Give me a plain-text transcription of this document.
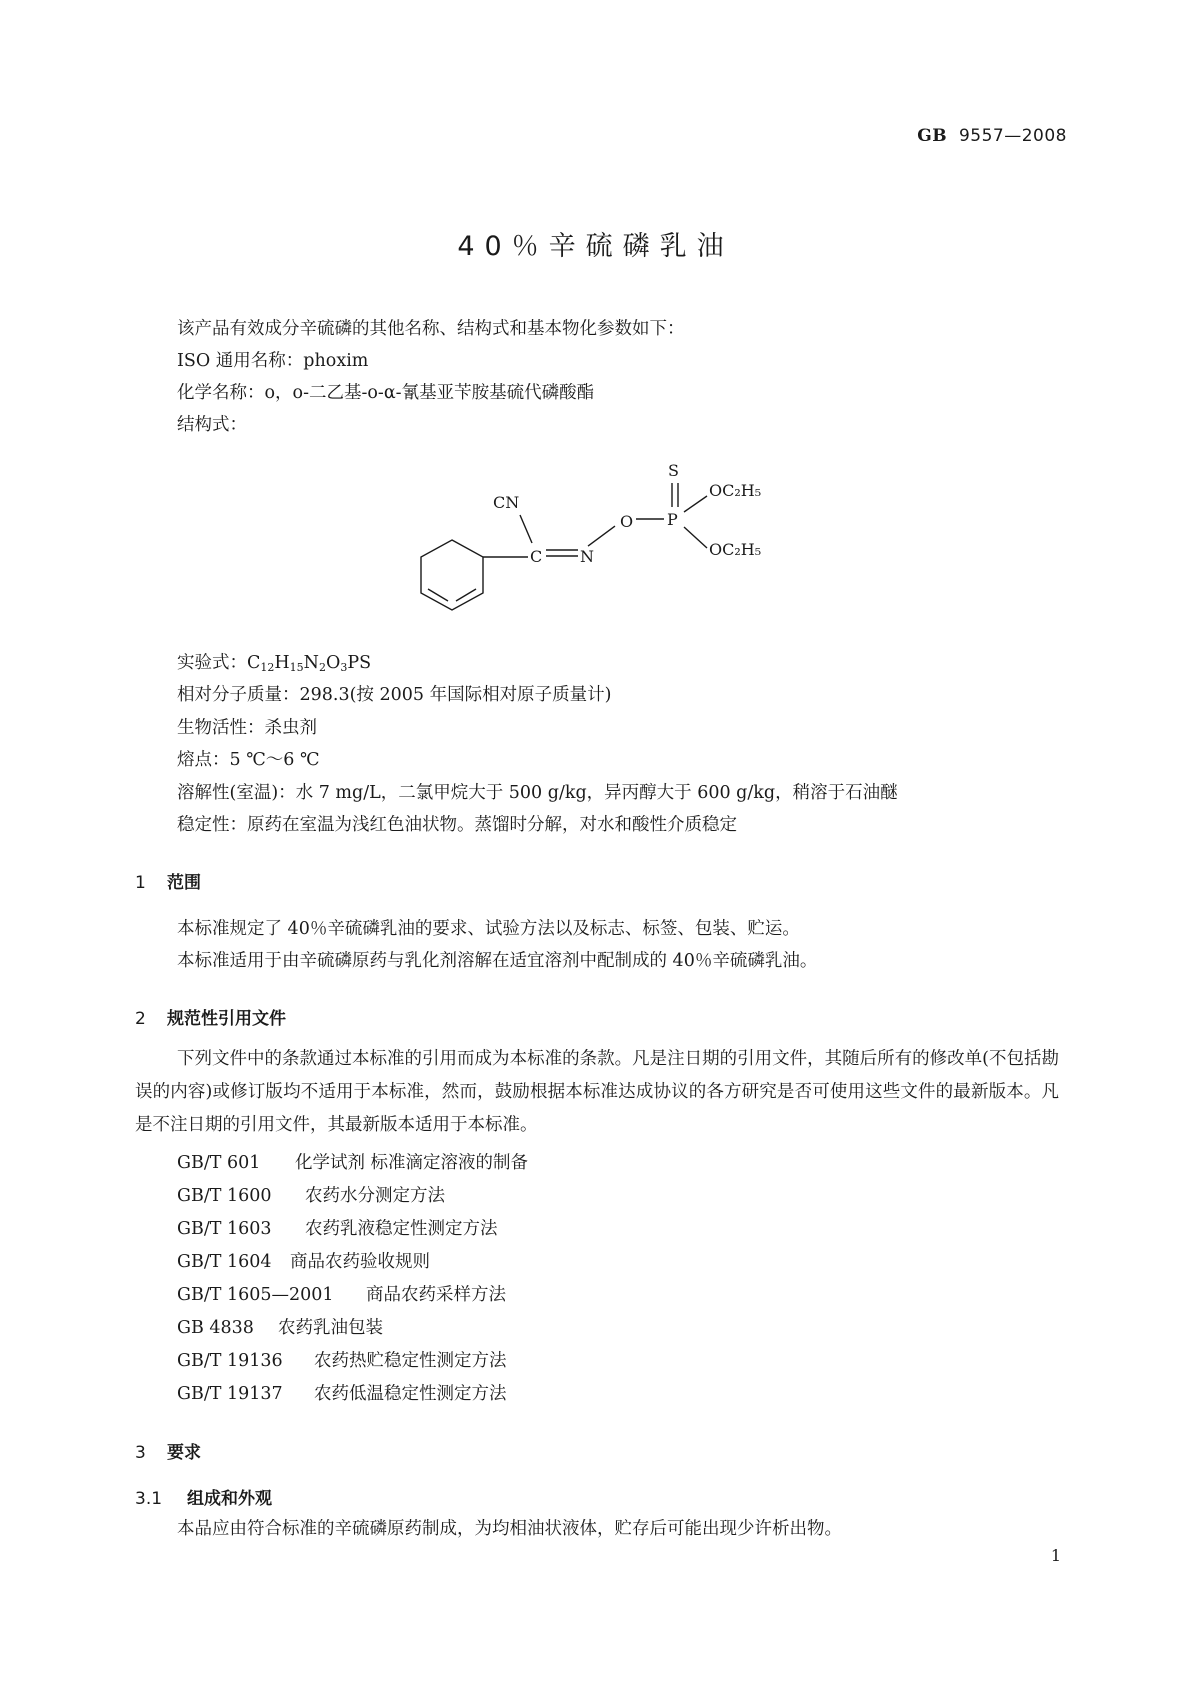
GB 9557—2008
40％辛硫磷乳油
该产品有效成分辛硫磷的其他名称、结构式和基本物化参数如下：
ISO 通用名称：phoxim
化学名称：o，o-二乙基-o-α-氰基亚苄胺基硫代磷酸酯
结构式：
CN
C N
O P
S
OC₂H₅
OC₂H₅
实验式：$C_{12}H_{15}N_2O_3PS$
相对分子质量：298.3(按 2005 年国际相对原子质量计)
生物活性：杀虫剂
熔点：5 ℃～6 ℃
溶解性(室温)：水 7 mg/L，二氯甲烷大于 500 g/kg，异丙醇大于 600 g/kg，稍溶于石油醚
稳定性：原药在室温为浅红色油状物。蒸馏时分解，对水和酸性介质稳定
1 范围
本标准规定了 40％辛硫磷乳油的要求、试验方法以及标志、标签、包装、贮运。
本标准适用于由辛硫磷原药与乳化剂溶解在适宜溶剂中配制成的 40％辛硫磷乳油。
2 规范性引用文件
下列文件中的条款通过本标准的引用而成为本标准的条款。凡是注日期的引用文件，其随后所有的修改单(不包括勘误的内容)或修订版均不适用于本标准，然而，鼓励根据本标准达成协议的各方研究是否可使用这些文件的最新版本。凡是不注日期的引用文件，其最新版本适用于本标准。
GB/T 601 化学试剂 标准滴定溶液的制备
GB/T 1600 农药水分测定方法
GB/T 1603 农药乳液稳定性测定方法
GB/T 1604 商品农药验收规则
GB/T 1605—2001 商品农药采样方法
GB 4838 农药乳油包装
GB/T 19136 农药热贮稳定性测定方法
GB/T 19137 农药低温稳定性测定方法
3 要求
3.1 组成和外观
本品应由符合标准的辛硫磷原药制成，为均相油状液体，贮存后可能出现少许析出物。
1
